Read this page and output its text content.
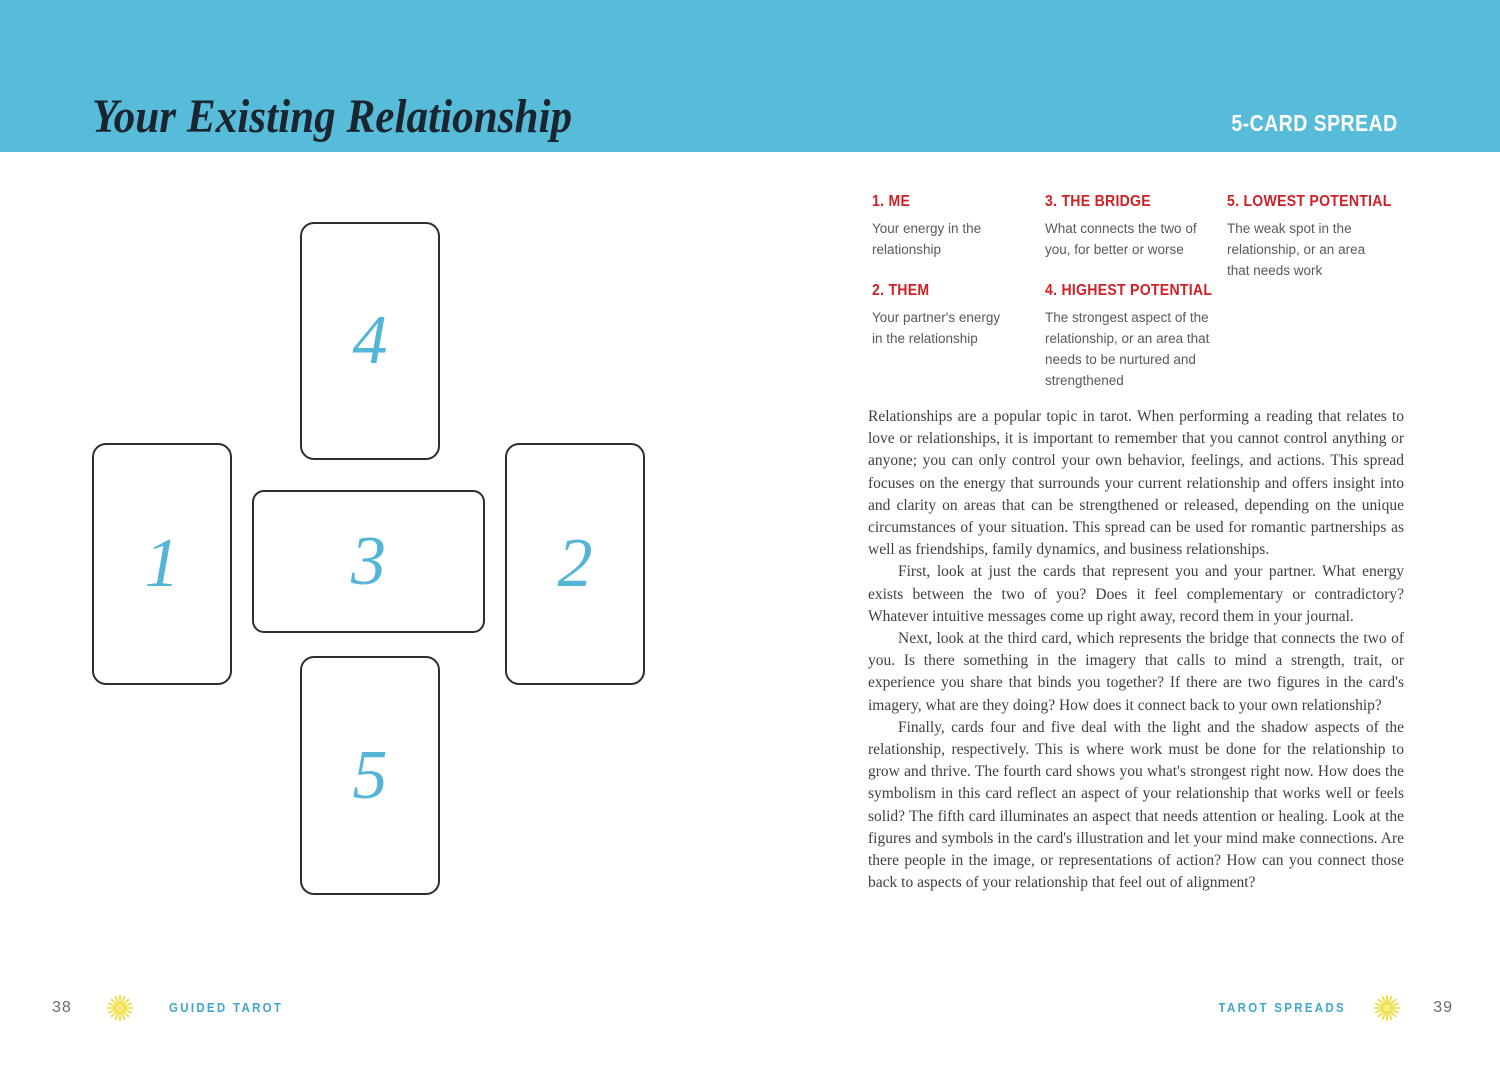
Your Existing Relationship	5-CARD SPREAD
1	2
3
4
5
1. ME

Your energy in the relationship

2. THEM

Your partner's energy in the relationship

3. THE BRIDGE

What connects the two of you, for better or worse

4. HIGHEST POTENTIAL

The strongest aspect of the relationship, or an area that needs to be nurtured and strengthened

5. LOWEST POTENTIAL

The weak spot in the relationship, or an area that needs work

Relationships are a popular topic in tarot. When performing a reading that relates to love or relationships, it is important to remember that you cannot control anything or anyone; you can only control your own behavior, feelings, and actions. This spread focuses on the energy that surrounds your current relationship and offers insight into and clarity on areas that can be strengthened or released, depending on the unique circumstances of your situation. This spread can be used for romantic partnerships as well as friendships, family dynamics, and business relationships.

First, look at just the cards that represent you and your partner. What energy exists between the two of you? Does it feel complementary or contradictory? Whatever intuitive messages come up right away, record them in your journal.

Next, look at the third card, which represents the bridge that connects the two of you. Is there something in the imagery that calls to mind a strength, trait, or experience you share that binds you together? If there are two figures in the card's imagery, what are they doing? How does it connect back to your own relationship?

Finally, cards four and five deal with the light and the shadow aspects of the relationship, respectively. This is where work must be done for the relationship to grow and thrive. The fourth card shows you what's strongest right now. How does the symbolism in this card reflect an aspect of your relationship that works well or feels solid? The fifth card illuminates an aspect that needs attention or healing. Look at the figures and symbols in the card's illustration and let your mind make connections. Are there people in the image, or representations of action? How can you connect those back to aspects of your relationship that feel out of alignment?

38	GUIDED TAROT	TAROT SPREADS	39
